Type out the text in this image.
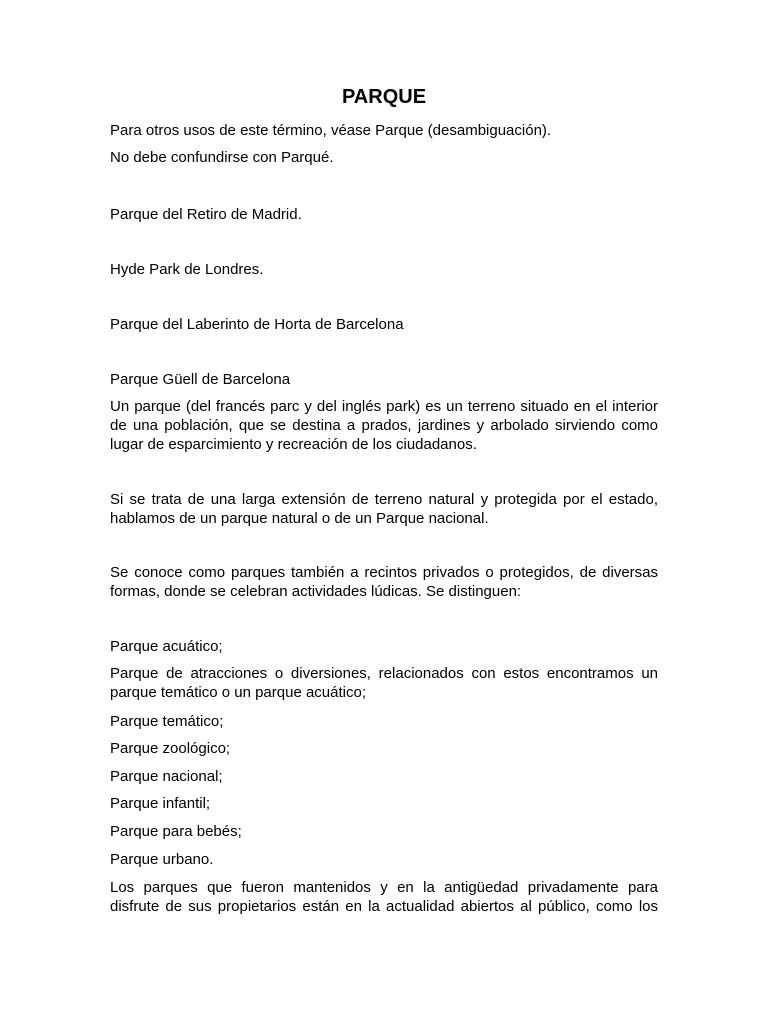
PARQUE

Para otros usos de este término, véase Parque (desambiguación).

No debe confundirse con Parqué.

Parque del Retiro de Madrid.

Hyde Park de Londres.

Parque del Laberinto de Horta de Barcelona

Parque Güell de Barcelona

Un parque (del francés parc y del inglés park) es un terreno situado en el interior
de una población, que se destina a prados, jardines y arbolado sirviendo como
lugar de esparcimiento y recreación de los ciudadanos.
Si se trata de una larga extensión de terreno natural y protegida por el estado,
hablamos de un parque natural o de un Parque nacional.
Se conoce como parques también a recintos privados o protegidos, de diversas
formas, donde se celebran actividades lúdicas. Se distinguen:

Parque acuático;

Parque de atracciones o diversiones, relacionados con estos encontramos un
parque temático o un parque acuático;

Parque temático;

Parque zoológico;

Parque nacional;

Parque infantil;

Parque para bebés;

Parque urbano.

Los parques que fueron mantenidos y en la antigüedad privadamente para
disfrute de sus propietarios están en la actualidad abiertos al público, como los
